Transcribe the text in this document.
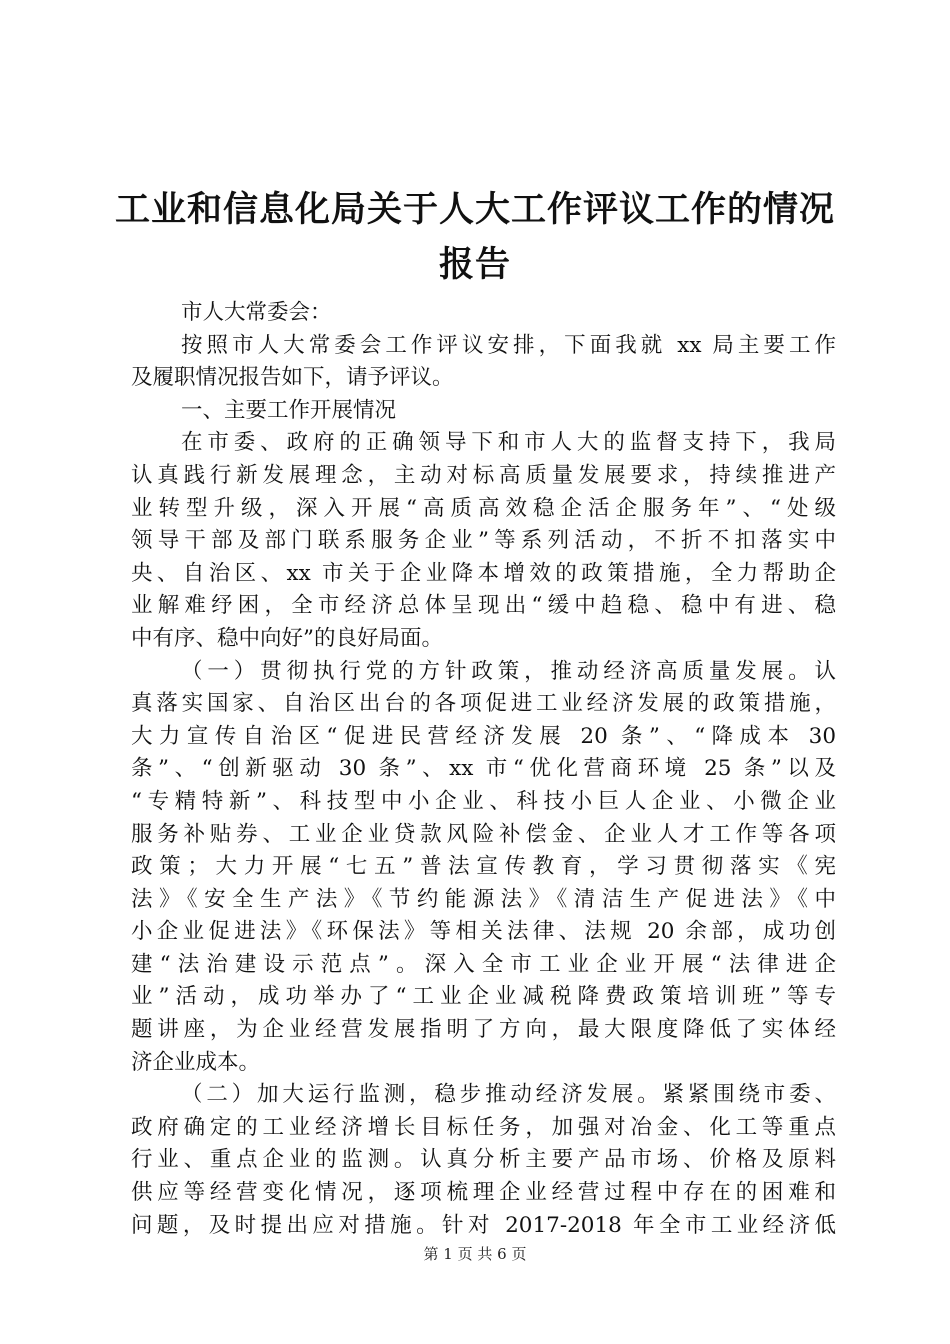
工业和信息化局关于人大工作评议工作的情况
报告
市人大常委会：
按照市人大常委会工作评议安排，下面我就 xx 局主要工作
及履职情况报告如下，请予评议。
一、主要工作开展情况
在市委、政府的正确领导下和市人大的监督支持下，我局
认真践行新发展理念，主动对标高质量发展要求，持续推进产
业转型升级，深入开展“高质高效稳企活企服务年”、“处级
领导干部及部门联系服务企业”等系列活动，不折不扣落实中
央、自治区、xx 市关于企业降本增效的政策措施，全力帮助企
业解难纾困，全市经济总体呈现出“缓中趋稳、稳中有进、稳
中有序、稳中向好”的良好局面。
（一）贯彻执行党的方针政策，推动经济高质量发展。认
真落实国家、自治区出台的各项促进工业经济发展的政策措施，
大力宣传自治区“促进民营经济发展 20 条”、“降成本 30
条”、“创新驱动 30 条”、xx 市“优化营商环境 25 条”以及
“专精特新”、科技型中小企业、科技小巨人企业、小微企业
服务补贴券、工业企业贷款风险补偿金、企业人才工作等各项
政策；大力开展“七五”普法宣传教育，学习贯彻落实《宪
法》《安全生产法》《节约能源法》《清洁生产促进法》《中
小企业促进法》《环保法》等相关法律、法规 20 余部，成功创
建“法治建设示范点”。深入全市工业企业开展“法律进企
业”活动，成功举办了“工业企业减税降费政策培训班”等专
题讲座，为企业经营发展指明了方向，最大限度降低了实体经
济企业成本。
（二）加大运行监测，稳步推动经济发展。紧紧围绕市委、
政府确定的工业经济增长目标任务，加强对冶金、化工等重点
行业、重点企业的监测。认真分析主要产品市场、价格及原料
供应等经营变化情况，逐项梳理企业经营过程中存在的困难和
问题，及时提出应对措施。针对 2017-2018 年全市工业经济低
第 1 页 共 6 页
